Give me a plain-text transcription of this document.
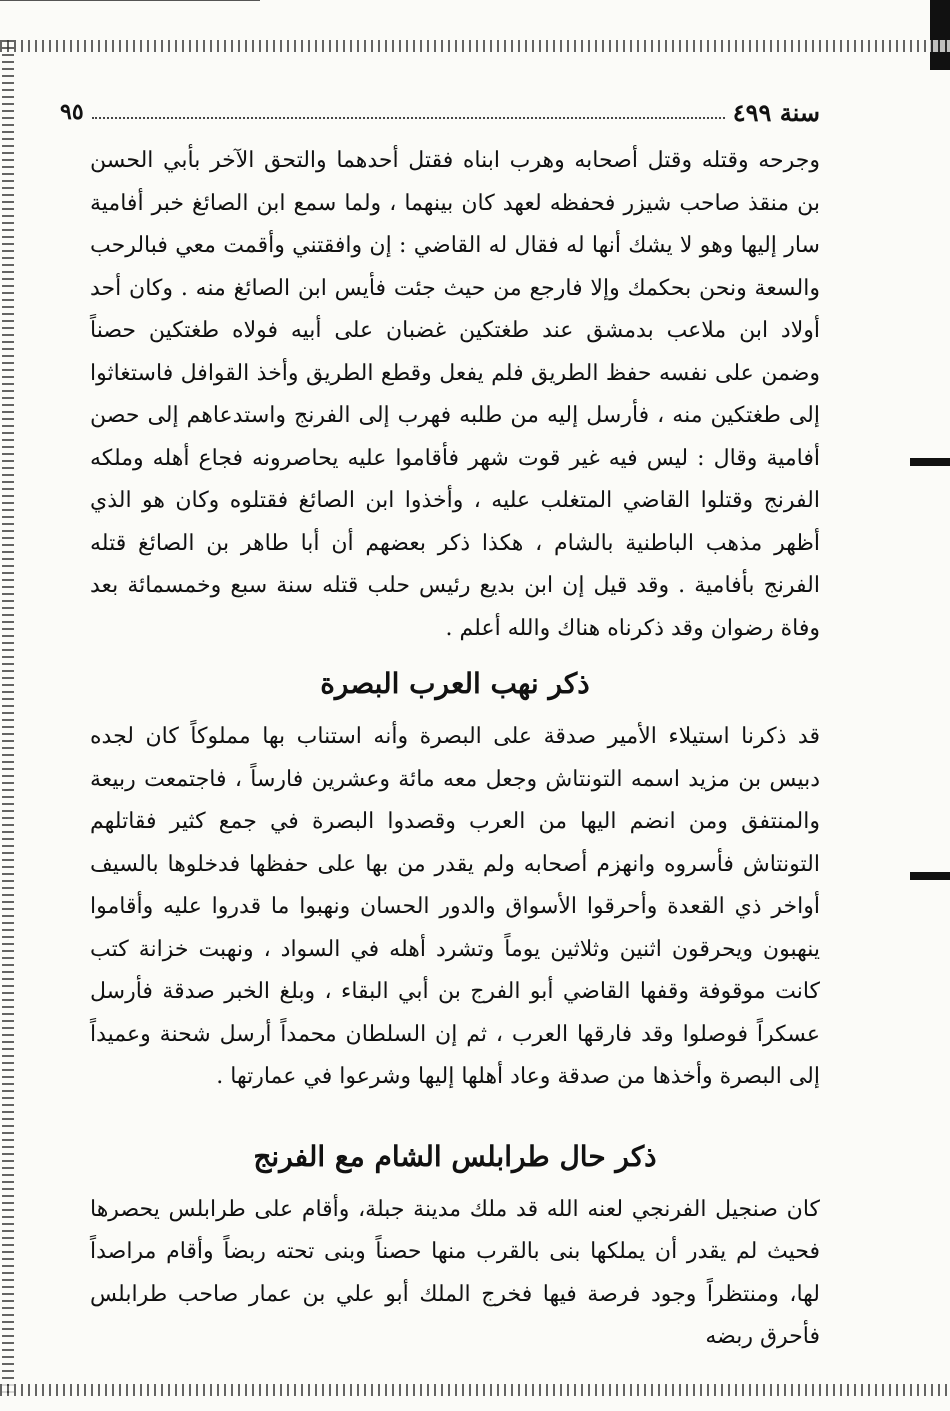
سنة ٤٩٩
٩٥

وجرحه وقتله وقتل أصحابه وهرب ابناه فقتل أحدهما والتحق الآخر بأبي الحسن بن منقذ صاحب شيزر فحفظه لعهد كان بينهما ، ولما سمع ابن الصائغ خبر أفامية سار إليها وهو لا يشك أنها له فقال له القاضي : إن وافقتني وأقمت معي فبالرحب والسعة ونحن بحكمك وإلا فارجع من حيث جئت فأيس ابن الصائغ منه . وكان أحد أولاد ابن ملاعب بدمشق عند طغتكين غضبان على أبيه فولاه طغتكين حصناً وضمن على نفسه حفظ الطريق فلم يفعل وقطع الطريق وأخذ القوافل فاستغاثوا إلى طغتكين منه ، فأرسل إليه من طلبه فهرب إلى الفرنج واستدعاهم إلى حصن أفامية وقال : ليس فيه غير قوت شهر فأقاموا عليه يحاصرونه فجاع أهله وملكه الفرنج وقتلوا القاضي المتغلب عليه ، وأخذوا ابن الصائغ فقتلوه وكان هو الذي أظهر مذهب الباطنية بالشام ، هكذا ذكر بعضهم أن أبا طاهر بن الصائغ قتله الفرنج بأفامية . وقد قيل إن ابن بديع رئيس حلب قتله سنة سبع وخمسمائة بعد وفاة رضوان وقد ذكرناه هناك والله أعلم .

ذكر نهب العرب البصرة

قد ذكرنا استيلاء الأمير صدقة على البصرة وأنه استناب بها مملوكاً كان لجده دبيس بن مزيد اسمه التونتاش وجعل معه مائة وعشرين فارساً ، فاجتمعت ربيعة والمنتفق ومن انضم اليها من العرب وقصدوا البصرة في جمع كثير فقاتلهم التونتاش فأسروه وانهزم أصحابه ولم يقدر من بها على حفظها فدخلوها بالسيف أواخر ذي القعدة وأحرقوا الأسواق والدور الحسان ونهبوا ما قدروا عليه وأقاموا ينهبون ويحرقون اثنين وثلاثين يوماً وتشرد أهله في السواد ، ونهبت خزانة كتب كانت موقوفة وقفها القاضي أبو الفرج بن أبي البقاء ، وبلغ الخبر صدقة فأرسل عسكراً فوصلوا وقد فارقها العرب ، ثم إن السلطان محمداً أرسل شحنة وعميداً إلى البصرة وأخذها من صدقة وعاد أهلها إليها وشرعوا في عمارتها .

ذكر حال طرابلس الشام مع الفرنج

كان صنجيل الفرنجي لعنه الله قد ملك مدينة جبلة، وأقام على طرابلس يحصرها فحيث لم يقدر أن يملكها بنى بالقرب منها حصناً وبنى تحته ربضاً وأقام مراصداً لها، ومنتظراً وجود فرصة فيها فخرج الملك أبو علي بن عمار صاحب طرابلس فأحرق ربضه
